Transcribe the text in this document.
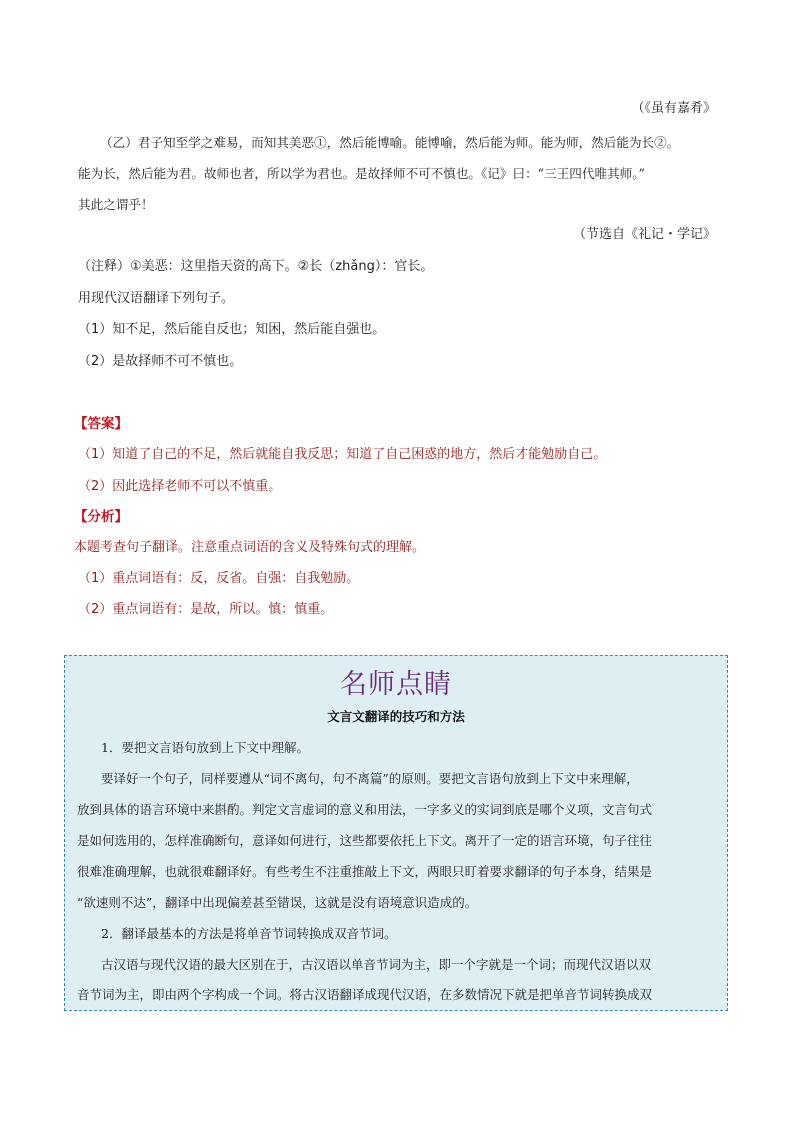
（《虽有嘉肴》
（乙）君子知至学之难易，而知其美恶①，然后能博喻。能博喻，然后能为师。能为师，然后能为长②。
能为长，然后能为君。故师也者，所以学为君也。是故择师不可不慎也。《记》曰：“三王四代唯其师。”
其此之谓乎！
（节选自《礼记・学记》
（注释）①美恶：这里指天资的高下。②长（zhǎng）：官长。
用现代汉语翻译下列句子。
（1）知不足，然后能自反也；知困，然后能自强也。
（2）是故择师不可不慎也。
【答案】
（1）知道了自己的不足，然后就能自我反思；知道了自己困惑的地方，然后才能勉励自己。
（2）因此选择老师不可以不慎重。
【分析】
本题考查句子翻译。注意重点词语的含义及特殊句式的理解。
（1）重点词语有：反，反省。自强：自我勉励。
（2）重点词语有：是故，所以。慎：慎重。
名师点睛
文言文翻译的技巧和方法
1．要把文言语句放到上下文中理解。
要译好一个句子，同样要遵从“词不离句，句不离篇”的原则。要把文言语句放到上下文中来理解，
放到具体的语言环境中来斟酌。判定文言虚词的意义和用法，一字多义的实词到底是哪个义项，文言句式
是如何选用的，怎样准确断句，意译如何进行，这些都要依托上下文。离开了一定的语言环境，句子往往
很难准确理解，也就很难翻译好。有些考生不注重推敲上下文，两眼只盯着要求翻译的句子本身，结果是
“欲速则不达”，翻译中出现偏差甚至错误，这就是没有语境意识造成的。
2．翻译最基本的方法是将单音节词转换成双音节词。
古汉语与现代汉语的最大区别在于，古汉语以单音节词为主，即一个字就是一个词；而现代汉语以双
音节词为主，即由两个字构成一个词。将古汉语翻译成现代汉语，在多数情况下就是把单音节词转换成双
